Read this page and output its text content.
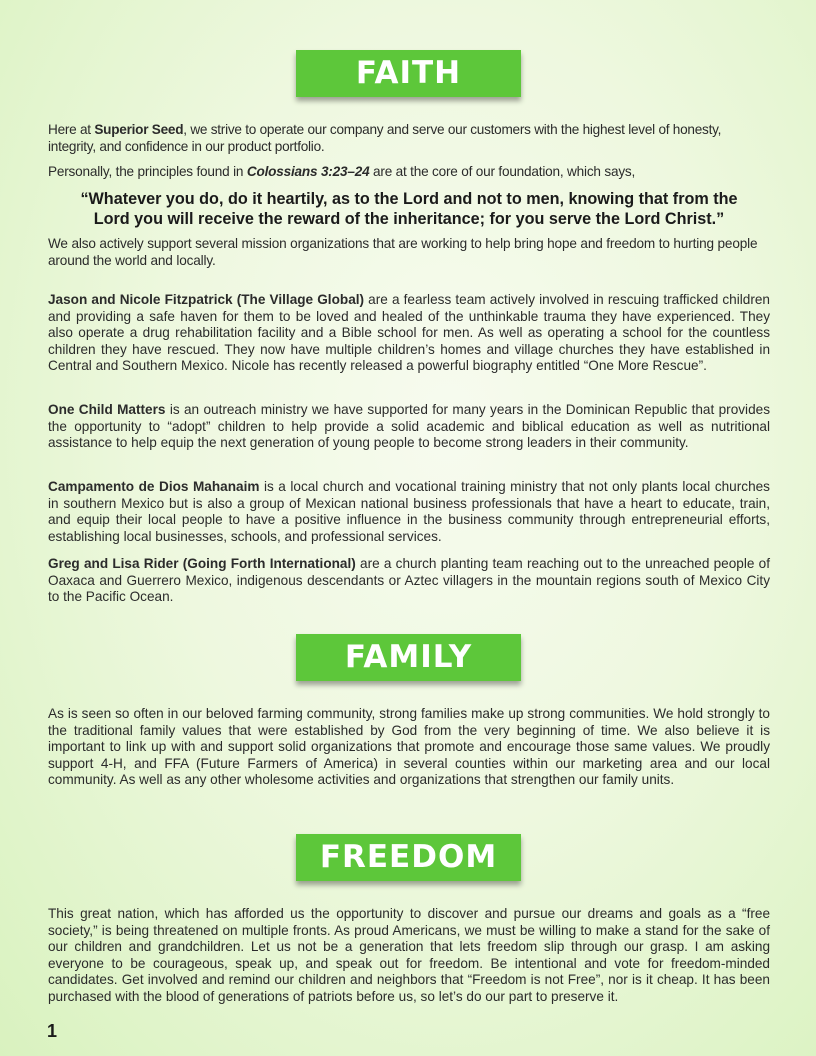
FAITH

Here at Superior Seed, we strive to operate our company and serve our customers with the highest level of honesty, integrity, and confidence in our product portfolio.

Personally, the principles found in Colossians 3:23–24 are at the core of our foundation, which says,

“Whatever you do, do it heartily, as to the Lord and not to men, knowing that from the
Lord you will receive the reward of the inheritance; for you serve the Lord Christ.”

We also actively support several mission organizations that are working to help bring hope and freedom to hurting people around the world and locally.

Jason and Nicole Fitzpatrick (The Village Global) are a fearless team actively involved in rescuing trafficked children and providing a safe haven for them to be loved and healed of the unthinkable trauma they have experienced. They also operate a drug rehabilitation facility and a Bible school for men. As well as operating a school for the countless children they have rescued. They now have multiple children’s homes and village churches they have established in Central and Southern Mexico. Nicole has recently released a powerful biography entitled “One More Rescue”.

One Child Matters is an outreach ministry we have supported for many years in the Dominican Republic that provides the opportunity to “adopt” children to help provide a solid academic and biblical education as well as nutritional assistance to help equip the next generation of young people to become strong leaders in their community.

Campamento de Dios Mahanaim is a local church and vocational training ministry that not only plants local churches in southern Mexico but is also a group of Mexican national business professionals that have a heart to educate, train, and equip their local people to have a positive influence in the business community through entrepreneurial efforts, establishing local businesses, schools, and professional services.

Greg and Lisa Rider (Going Forth International) are a church planting team reaching out to the unreached people of Oaxaca and Guerrero Mexico, indigenous descendants or Aztec villagers in the mountain regions south of Mexico City to the Pacific Ocean.

FAMILY

As is seen so often in our beloved farming community, strong families make up strong communities. We hold strongly to the traditional family values that were established by God from the very beginning of time. We also believe it is important to link up with and support solid organizations that promote and encourage those same values. We proudly support 4-H, and FFA (Future Farmers of America) in several counties within our marketing area and our local community. As well as any other wholesome activities and organizations that strengthen our family units.

FREEDOM

This great nation, which has afforded us the opportunity to discover and pursue our dreams and goals as a “free society,” is being threatened on multiple fronts. As proud Americans, we must be willing to make a stand for the sake of our children and grandchildren. Let us not be a generation that lets freedom slip through our grasp. I am asking everyone to be courageous, speak up, and speak out for freedom. Be intentional and vote for freedom-minded candidates. Get involved and remind our children and neighbors that “Freedom is not Free”, nor is it cheap. It has been purchased with the blood of generations of patriots before us, so let’s do our part to preserve it.

1
